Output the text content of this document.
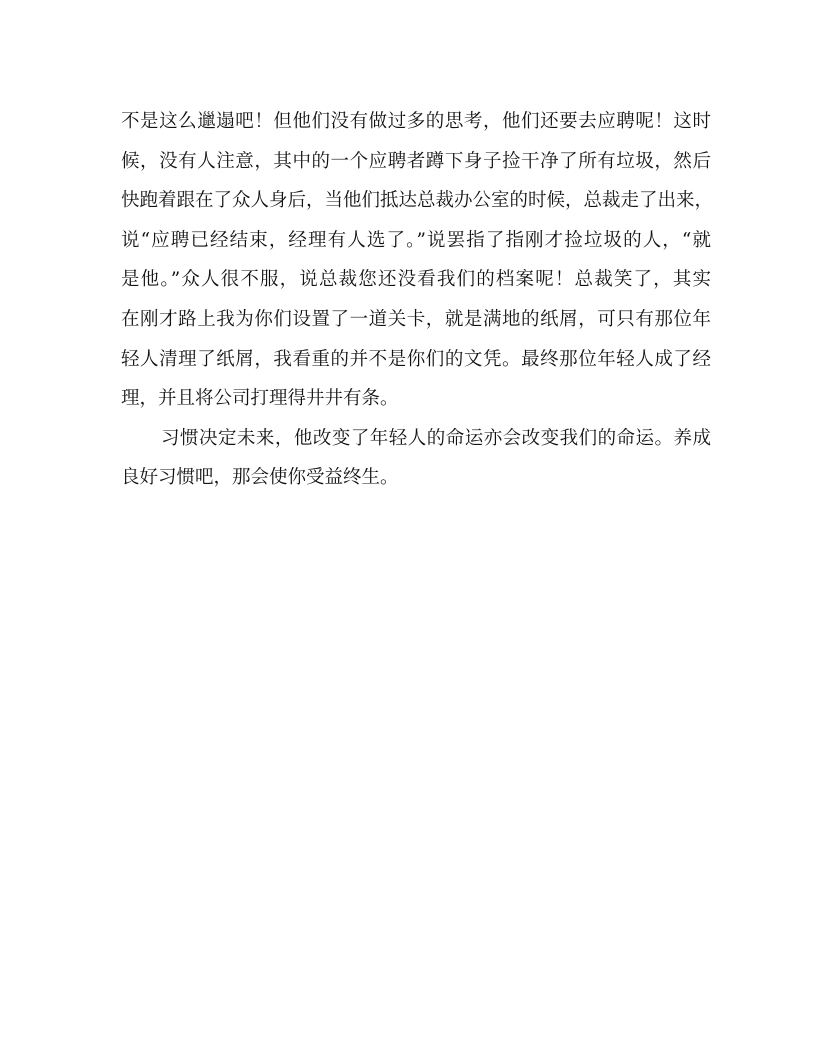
不是这么邋遢吧！但他们没有做过多的思考，他们还要去应聘呢！这时
候，没有人注意，其中的一个应聘者蹲下身子捡干净了所有垃圾，然后
快跑着跟在了众人身后，当他们抵达总裁办公室的时候，总裁走了出来，
说“应聘已经结束，经理有人选了。”说罢指了指刚才捡垃圾的人，“就
是他。”众人很不服，说总裁您还没看我们的档案呢！总裁笑了，其实
在刚才路上我为你们设置了一道关卡，就是满地的纸屑，可只有那位年
轻人清理了纸屑，我看重的并不是你们的文凭。最终那位年轻人成了经
理，并且将公司打理得井井有条。
习惯决定未来，他改变了年轻人的命运亦会改变我们的命运。养成
良好习惯吧，那会使你受益终生。
